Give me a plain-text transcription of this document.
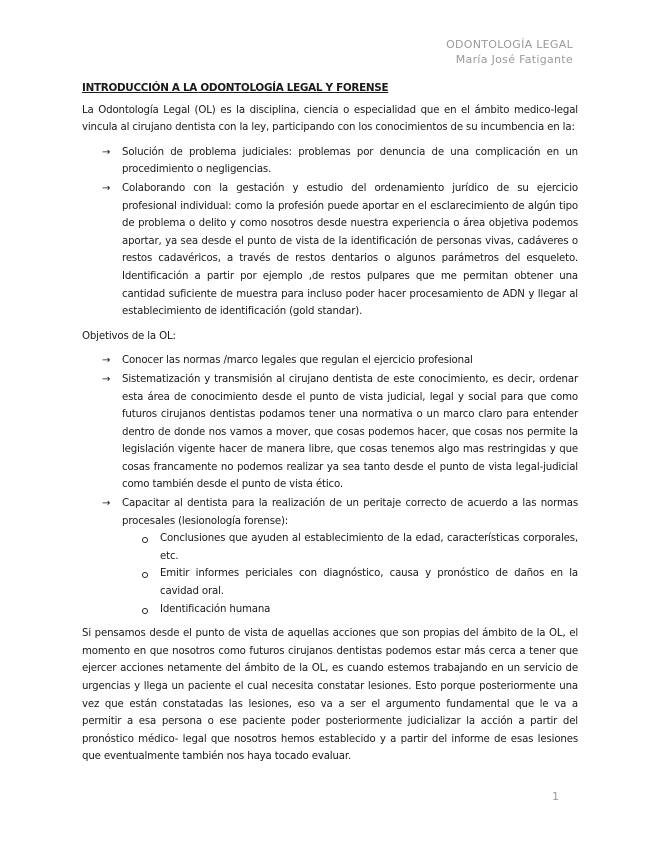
ODONTOLOGÍA LEGAL
María José Fatigante
INTRODUCCIÓN A LA ODONTOLOGÍA LEGAL Y FORENSE

La Odontología Legal (OL) es la disciplina, ciencia o especialidad que en el ámbito medico-legal vincula al cirujano dentista con la ley, participando con los conocimientos de su incumbencia en la:

→ Solución de problema judiciales: problemas por denuncia de una complicación en un procedimiento o negligencias.
→ Colaborando con la gestación y estudio del ordenamiento jurídico de su ejercicio profesional individual: como la profesión puede aportar en el esclarecimiento de algún tipo de problema o delito y como nosotros desde nuestra experiencia o área objetiva podemos aportar, ya sea desde el punto de vista de la identificación de personas vivas, cadáveres o restos cadavéricos, a través de restos dentarios o algunos parámetros del esqueleto. Identificación a partir por ejemplo ,de restos pulpares que me permitan obtener una cantidad suficiente de muestra para incluso poder hacer procesamiento de ADN y llegar al establecimiento de identificación (gold standar).

Objetivos de la OL:

→ Conocer las normas /marco legales que regulan el ejercicio profesional
→ Sistematización y transmisión al cirujano dentista de este conocimiento, es decir, ordenar esta área de conocimiento desde el punto de vista judicial, legal y social para que como futuros cirujanos dentistas podamos tener una normativa o un marco claro para entender dentro de donde nos vamos a mover, que cosas podemos hacer, que cosas nos permite la legislación vigente hacer de manera libre, que cosas tenemos algo mas restringidas y que cosas francamente no podemos realizar ya sea tanto desde el punto de vista legal-judicial como también desde el punto de vista ético.
→ Capacitar al dentista para la realización de un peritaje correcto de acuerdo a las normas procesales (lesionología forense):
Conclusiones que ayuden al establecimiento de la edad, características corporales, etc.
Emitir informes periciales con diagnóstico, causa y pronóstico de daños en la cavidad oral.
Identificación humana

Si pensamos desde el punto de vista de aquellas acciones que son propias del ámbito de la OL, el momento en que nosotros como futuros cirujanos dentistas podemos estar más cerca a tener que ejercer acciones netamente del ámbito de la OL, es cuando estemos trabajando en un servicio de urgencias y llega un paciente el cual necesita constatar lesiones. Esto porque posteriormente una vez que están constatadas las lesiones, eso va a ser el argumento fundamental que le va a permitir a esa persona o ese paciente poder posteriormente judicializar la acción a partir del pronóstico médico- legal que nosotros hemos establecido y a partir del informe de esas lesiones que eventualmente también nos haya tocado evaluar.

1
